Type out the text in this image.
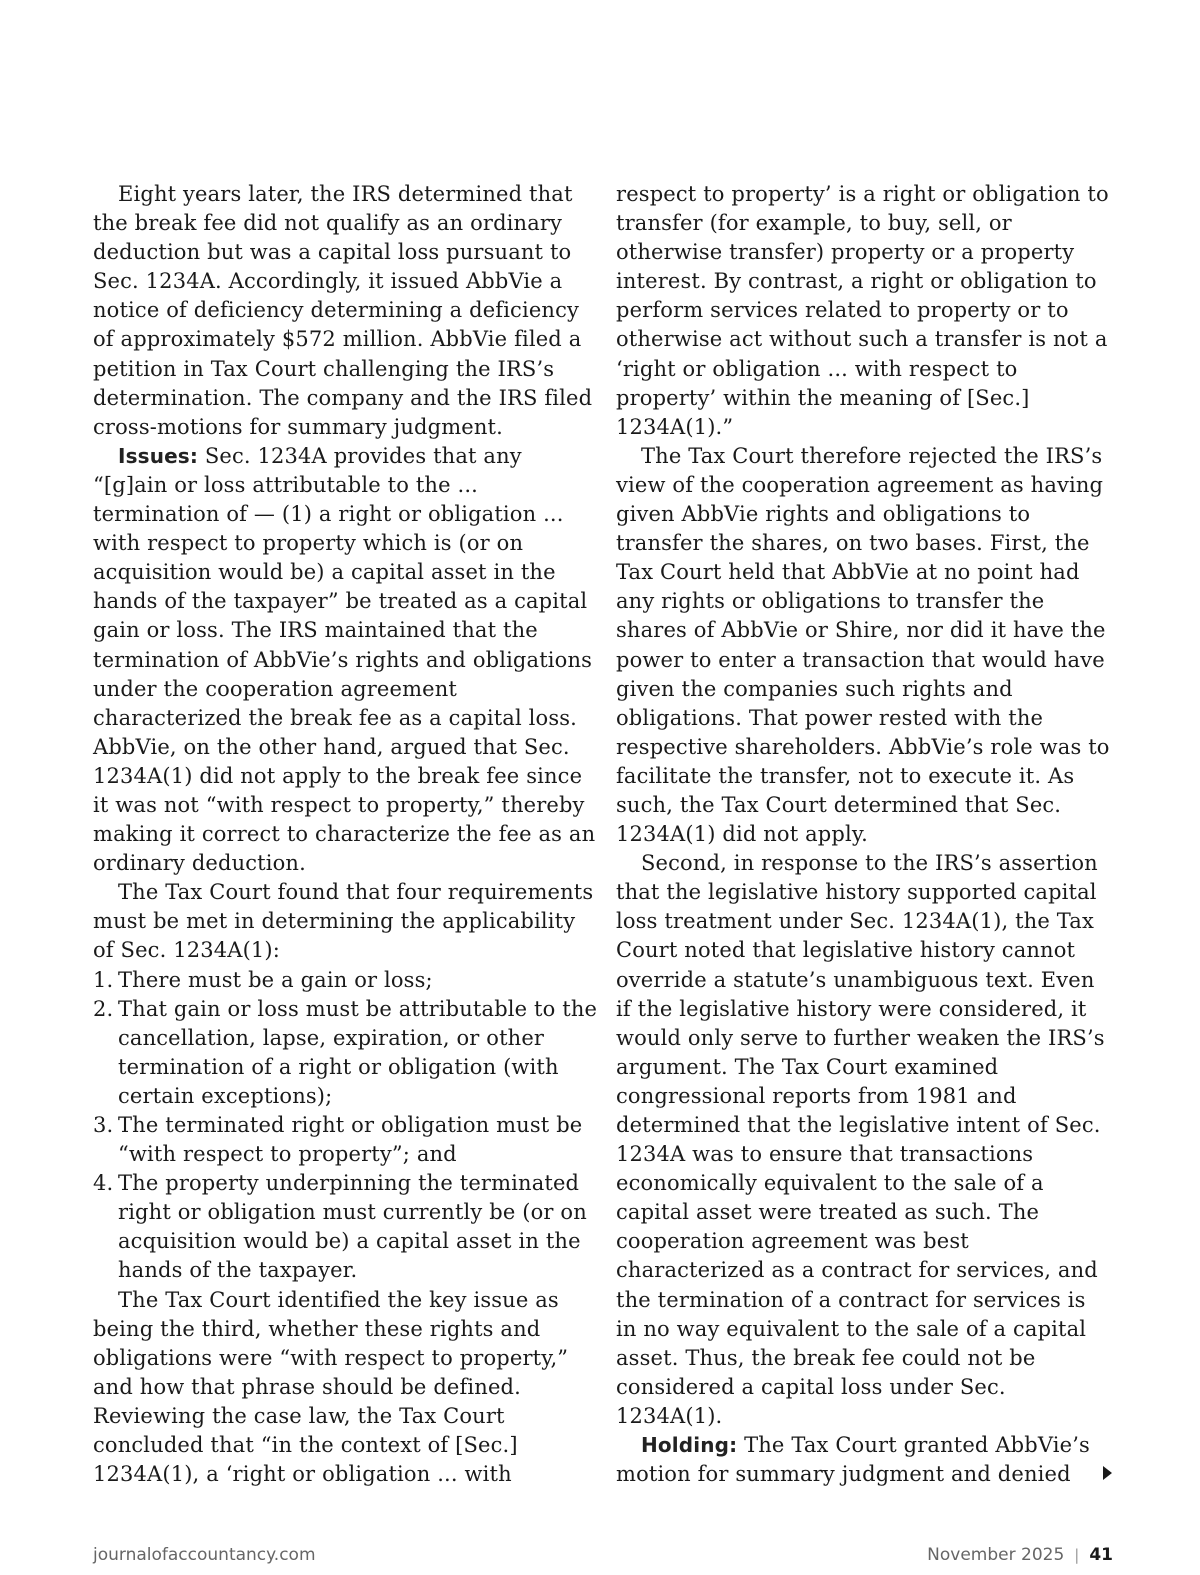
Eight years later, the IRS determined that the break fee did not qualify as an ordinary deduction but was a capital loss pursuant to Sec. 1234A. Accordingly, it issued AbbVie a notice of deficiency determining a deficiency of approximately $572 million. AbbVie filed a petition in Tax Court challenging the IRS’s determination. The company and the IRS filed cross-motions for summary judgment.

Issues: Sec. 1234A provides that any “[g]ain or loss attributable to the ... termination of — (1) a right or obligation ... with respect to property which is (or on acquisition would be) a capital asset in the hands of the taxpayer” be treated as a capital gain or loss. The IRS maintained that the termination of AbbVie’s rights and obligations under the cooperation agreement characterized the break fee as a capital loss. AbbVie, on the other hand, argued that Sec. 1234A(1) did not apply to the break fee since it was not “with respect to property,” thereby making it correct to characterize the fee as an ordinary deduction.

The Tax Court found that four requirements must be met in determining the applicability of Sec. 1234A(1):

1. There must be a gain or loss;
2. That gain or loss must be attributable to the cancellation, lapse, expiration, or other termination of a right or obligation (with certain exceptions);
3. The terminated right or obligation must be “with respect to property”; and
4. The property underpinning the terminated right or obligation must currently be (or on acquisition would be) a capital asset in the hands of the taxpayer.

The Tax Court identified the key issue as being the third, whether these rights and obligations were “with respect to property,” and how that phrase should be defined. Reviewing the case law, the Tax Court concluded that “in the context of [Sec.] 1234A(1), a ‘right or obligation ... with

respect to property’ is a right or obligation to transfer (for example, to buy, sell, or otherwise transfer) property or a property interest. By contrast, a right or obligation to perform services related to property or to otherwise act without such a transfer is not a ‘right or obligation ... with respect to property’ within the meaning of [Sec.] 1234A(1).”

The Tax Court therefore rejected the IRS’s view of the cooperation agreement as having given AbbVie rights and obligations to transfer the shares, on two bases. First, the Tax Court held that AbbVie at no point had any rights or obligations to transfer the shares of AbbVie or Shire, nor did it have the power to enter a transaction that would have given the companies such rights and obligations. That power rested with the respective shareholders. AbbVie’s role was to facilitate the transfer, not to execute it. As such, the Tax Court determined that Sec. 1234A(1) did not apply.

Second, in response to the IRS’s assertion that the legislative history supported capital loss treatment under Sec. 1234A(1), the Tax Court noted that legislative history cannot override a statute’s unambiguous text. Even if the legislative history were considered, it would only serve to further weaken the IRS’s argument. The Tax Court examined congressional reports from 1981 and determined that the legislative intent of Sec. 1234A was to ensure that transactions economically equivalent to the sale of a capital asset were treated as such. The cooperation agreement was best characterized as a contract for services, and the termination of a contract for services is in no way equivalent to the sale of a capital asset. Thus, the break fee could not be considered a capital loss under Sec. 1234A(1).

Holding: The Tax Court granted AbbVie’s motion for summary judgment and denied

journalofaccountancy.com	November 2025 | 41
